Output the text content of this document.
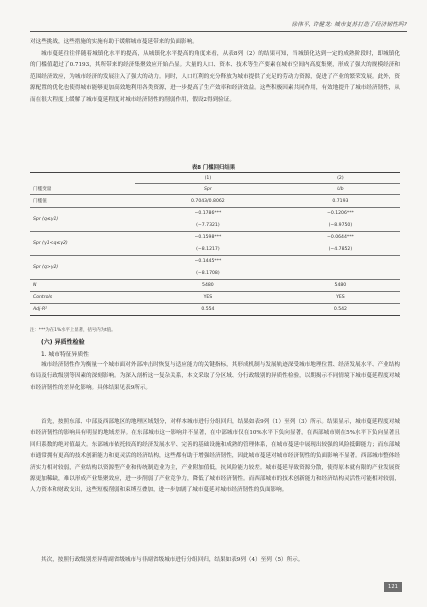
徐伟平, 许健龙: 城市复苏打造了经济韧性吗?

对这些挑战，这些措施的实施有助于缓解城市蔓延带来的负面影响。

城市蔓延往往伴随着城镇化水平的提高，从城镇化水平提高的角度来看，从表8列（2）的结果可知，当城镇化达到一定的成熟阶段时，即城镇化的门槛值超过了0.7193，其所带来的经济集聚效应开始凸显。大量的人口、资本、技术等生产要素在城市空间内高度集聚，形成了强大的规模经济和范围经济效应，为城市经济的发展注入了强大的动力。同时，人口红利的充分释放为城市提供了充足的劳动力资源，促进了产业的繁荣发展。此外，资源配置的优化也使得城市能够更加高效地利用各类资源，进一步提高了生产效率和经济效益。这些积极因素共同作用，有效地提升了城市经济韧性，从而在很大程度上缓解了城市蔓延程度对城市经济韧性的削弱作用，假设2得到验证。

表8 门槛回归结果
	(1)	(2)
门槛变量	Spr	Ub
门槛值	0.7043/0.8062	0.7193
Spr (q≤γ1)	−0.1786***	−0.1206***
	(−7.7321)	(−8.9750)
Spr (γ1<q≤γ2)	−0.1598***	−0.0644***
	(−8.1217)	(−4.7852)
Spr (q>γ2)	−0.1445***	
	(−8.1708)	
N	5480	5480
Controls	YES	YES
Adj-R²	0.554	0.542
注：***为在1%水平上显著，括号内为t值。
(六) 异质性检验
1. 城市特征异质性

城市经济韧性作为衡量一个城市面对外部冲击时恢复与适应能力的关键指标，其形成机制与发展轨迹深受城市地理位置、经济发展水平、产业结构布局及行政级别等因素的深刻影响。为深入剖析这一复杂关系，本文采取了分区域、分行政级别的异质性检验，以期揭示不同情境下城市蔓延程度对城市经济韧性的差异化影响。具体结果见表9所示。

首先，按照东部、中部及西部地区的地理区域划分，对样本城市进行分组回归，结果如表9列（1）至列（3）所示。结果显示，城市蔓延程度对城市经济韧性的影响具有明显的地域差异。在东部城市这一影响并不显著，在中部城市仅在10%水平下负向显著，在西部城市则在5%水平下负向显著且回归系数的绝对值最大。东部城市依托较高的经济发展水平、完善的基础设施和成熟的管理体系，在城市蔓延中展现出较强的风险抵御能力；而东部城市通常拥有更高的技术创新能力和更灵活的经济结构，这些都有助于增强经济韧性，因此城市蔓延对城市经济韧性的负面影响不显著。西部城市整体经济实力相对较弱，产业结构以资源型产业和传统制造业为主，产业附加值低，抗风险能力较差。城市蔓延导致资源分散，使得原本就有限的产业发展资源更加稀缺，难以形成产业集聚效应，进一步削弱了产业竞争力，降低了城市经济韧性。而西部城市的技术创新能力和经济结构灵活性可能相对较弱，人力资本和财政支出，这些短板削弱和束缚互叠加，进一步加剧了城市蔓延对城市经济韧性的负面影响。

其次，按照行政级别差异将副省级城市与非副省级城市进行分组回归，结果如表9列（4）至列（5）所示。

121
